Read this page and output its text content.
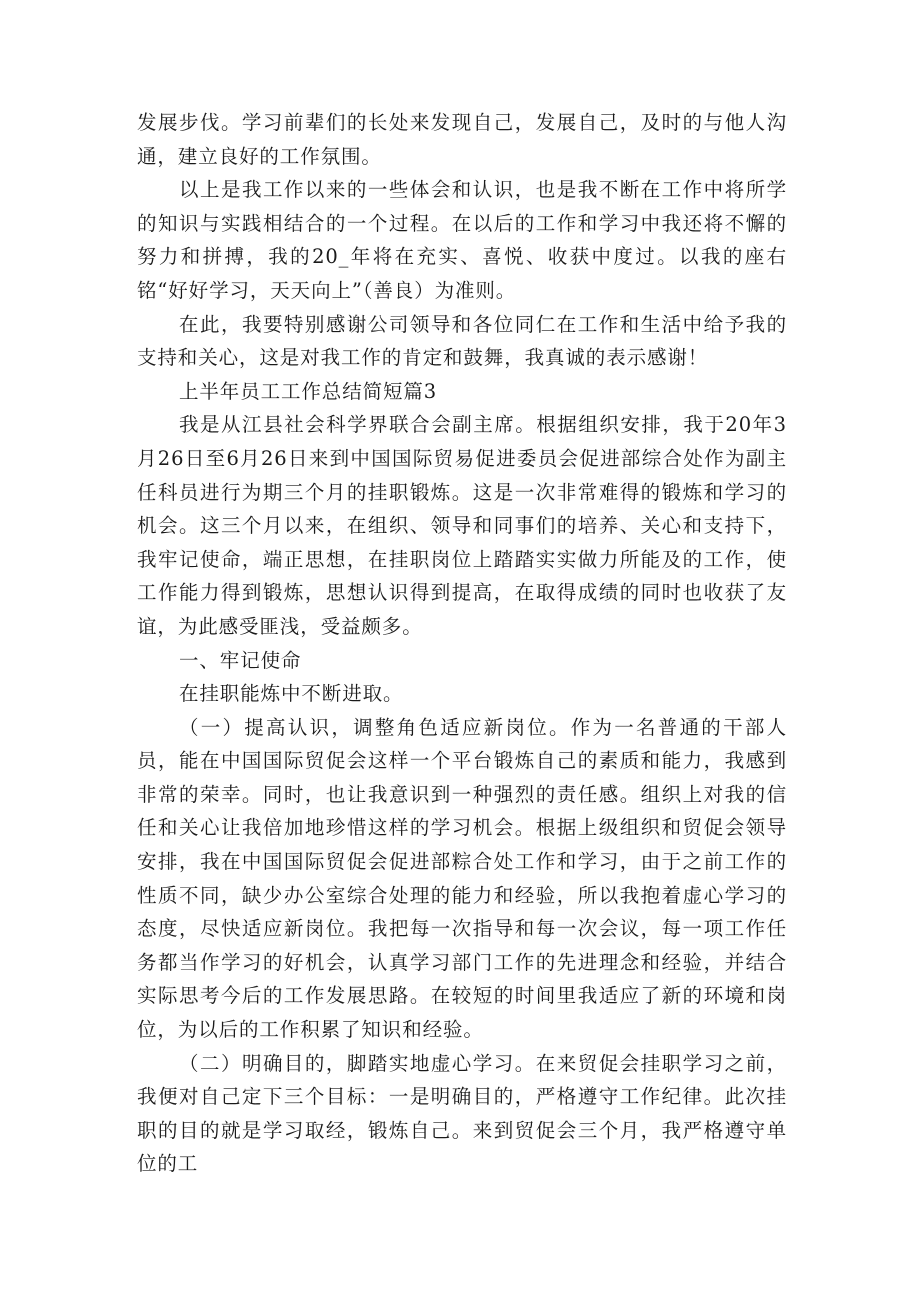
发展步伐。学习前辈们的长处来发现自己，发展自己，及时的与他人沟通，建立良好的工作氛围。

以上是我工作以来的一些体会和认识，也是我不断在工作中将所学的知识与实践相结合的一个过程。在以后的工作和学习中我还将不懈的努力和拼搏，我的20_年将在充实、喜悦、收获中度过。以我的座右铭“好好学习，天天向上”（善良）为准则。

在此，我要特别感谢公司领导和各位同仁在工作和生活中给予我的支持和关心，这是对我工作的肯定和鼓舞，我真诚的表示感谢！

上半年员工工作总结简短篇3

我是从江县社会科学界联合会副主席。根据组织安排，我于20年3月26日至6月26日来到中国国际贸易促进委员会促进部综合处作为副主任科员进行为期三个月的挂职锻炼。这是一次非常难得的锻炼和学习的机会。这三个月以来，在组织、领导和同事们的培养、关心和支持下，我牢记使命，端正思想，在挂职岗位上踏踏实实做力所能及的工作，使工作能力得到锻炼，思想认识得到提高，在取得成绩的同时也收获了友谊，为此感受匪浅，受益颇多。

一、牢记使命

在挂职能炼中不断进取。

（一）提高认识，调整角色适应新岗位。作为一名普通的干部人员，能在中国国际贸促会这样一个平台锻炼自己的素质和能力，我感到非常的荣幸。同时，也让我意识到一种强烈的责任感。组织上对我的信任和关心让我倍加地珍惜这样的学习机会。根据上级组织和贸促会领导安排，我在中国国际贸促会促进部粽合处工作和学习，由于之前工作的性质不同，缺少办公室综合处理的能力和经验，所以我抱着虚心学习的态度，尽快适应新岗位。我把每一次指导和每一次会议，每一项工作任务都当作学习的好机会，认真学习部门工作的先进理念和经验，并结合实际思考今后的工作发展思路。在较短的时间里我适应了新的环境和岗位，为以后的工作积累了知识和经验。

（二）明确目的，脚踏实地虚心学习。在来贸促会挂职学习之前，我便对自己定下三个目标：一是明确目的，严格遵守工作纪律。此次挂职的目的就是学习取经，锻炼自己。来到贸促会三个月，我严格遵守单位的工
